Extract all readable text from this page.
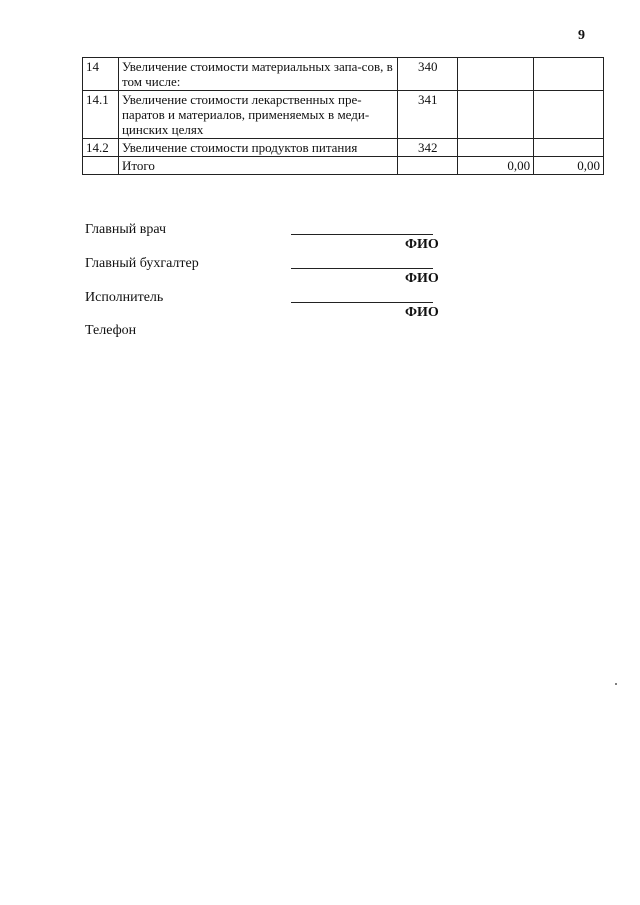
9
14	Увеличение стоимости материальных запа-сов, в том числе:	340		
14.1	Увеличение стоимости лекарственных пре-паратов и материалов, применяемых в меди-цинских целях	341		
14.2	Увеличение стоимости продуктов питания	342		
	Итого		0,00	0,00
Главный врач
ФИО
Главный бухгалтер
ФИО
Исполнитель
ФИО
Телефон
